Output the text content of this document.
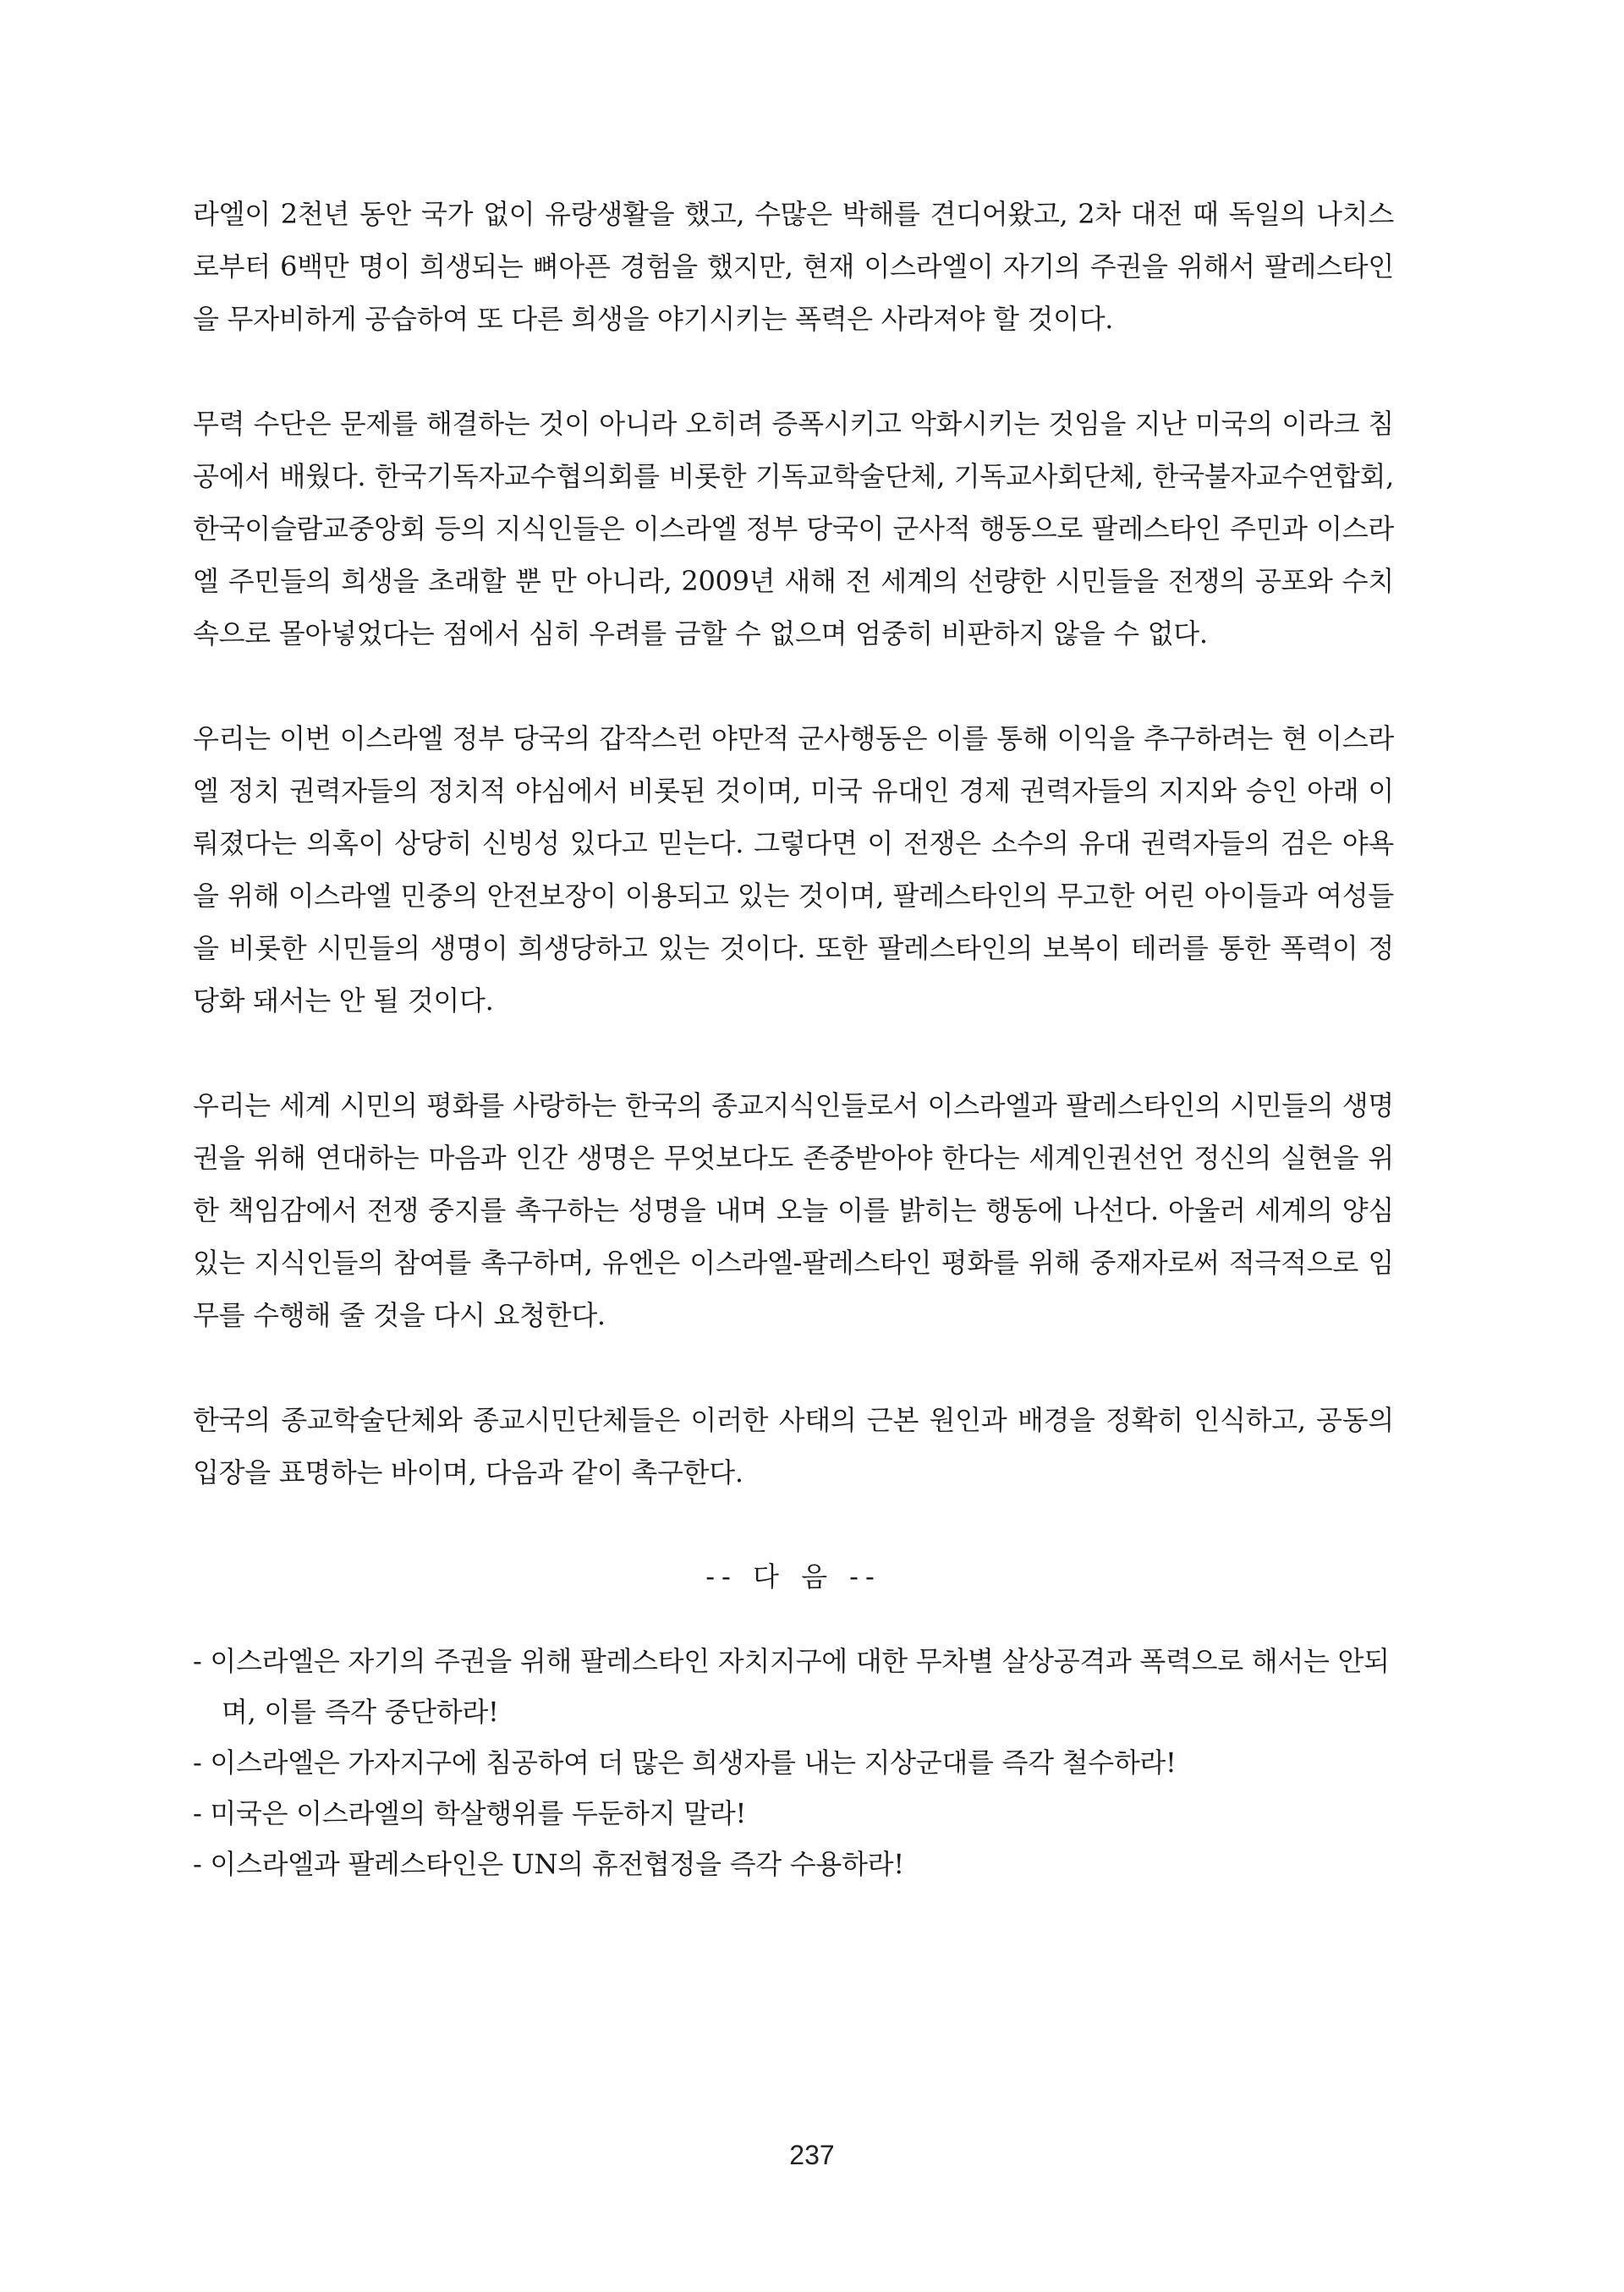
라엘이 2천년 동안 국가 없이 유랑생활을 했고, 수많은 박해를 견디어왔고, 2차 대전 때 독일의 나치스로부터 6백만 명이 희생되는 뼈아픈 경험을 했지만, 현재 이스라엘이 자기의 주권을 위해서 팔레스타인을 무자비하게 공습하여 또 다른 희생을 야기시키는 폭력은 사라져야 할 것이다.

무력 수단은 문제를 해결하는 것이 아니라 오히려 증폭시키고 악화시키는 것임을 지난 미국의 이라크 침공에서 배웠다. 한국기독자교수협의회를 비롯한 기독교학술단체, 기독교사회단체, 한국불자교수연합회, 한국이슬람교중앙회 등의 지식인들은 이스라엘 정부 당국이 군사적 행동으로 팔레스타인 주민과 이스라엘 주민들의 희생을 초래할 뿐 만 아니라, 2009년 새해 전 세계의 선량한 시민들을 전쟁의 공포와 수치 속으로 몰아넣었다는 점에서 심히 우려를 금할 수 없으며 엄중히 비판하지 않을 수 없다.

우리는 이번 이스라엘 정부 당국의 갑작스런 야만적 군사행동은 이를 통해 이익을 추구하려는 현 이스라엘 정치 권력자들의 정치적 야심에서 비롯된 것이며, 미국 유대인 경제 권력자들의 지지와 승인 아래 이뤄졌다는 의혹이 상당히 신빙성 있다고 믿는다. 그렇다면 이 전쟁은 소수의 유대 권력자들의 검은 야욕을 위해 이스라엘 민중의 안전보장이 이용되고 있는 것이며, 팔레스타인의 무고한 어린 아이들과 여성들을 비롯한 시민들의 생명이 희생당하고 있는 것이다. 또한 팔레스타인의 보복이 테러를 통한 폭력이 정당화 돼서는 안 될 것이다.

우리는 세계 시민의 평화를 사랑하는 한국의 종교지식인들로서 이스라엘과 팔레스타인의 시민들의 생명권을 위해 연대하는 마음과 인간 생명은 무엇보다도 존중받아야 한다는 세계인권선언 정신의 실현을 위한 책임감에서 전쟁 중지를 촉구하는 성명을 내며 오늘 이를 밝히는 행동에 나선다. 아울러 세계의 양심있는 지식인들의 참여를 촉구하며, 유엔은 이스라엘-팔레스타인 평화를 위해 중재자로써 적극적으로 임무를 수행해 줄 것을 다시 요청한다.

한국의 종교학술단체와 종교시민단체들은 이러한 사태의 근본 원인과 배경을 정확히 인식하고, 공동의 입장을 표명하는 바이며, 다음과 같이 촉구한다.

-- 다 음 --
- 이스라엘은 자기의 주권을 위해 팔레스타인 자치지구에 대한 무차별 살상공격과 폭력으로 해서는 안되며, 이를 즉각 중단하라!
- 이스라엘은 가자지구에 침공하여 더 많은 희생자를 내는 지상군대를 즉각 철수하라!
- 미국은 이스라엘의 학살행위를 두둔하지 말라!
- 이스라엘과 팔레스타인은 UN의 휴전협정을 즉각 수용하라!
237
